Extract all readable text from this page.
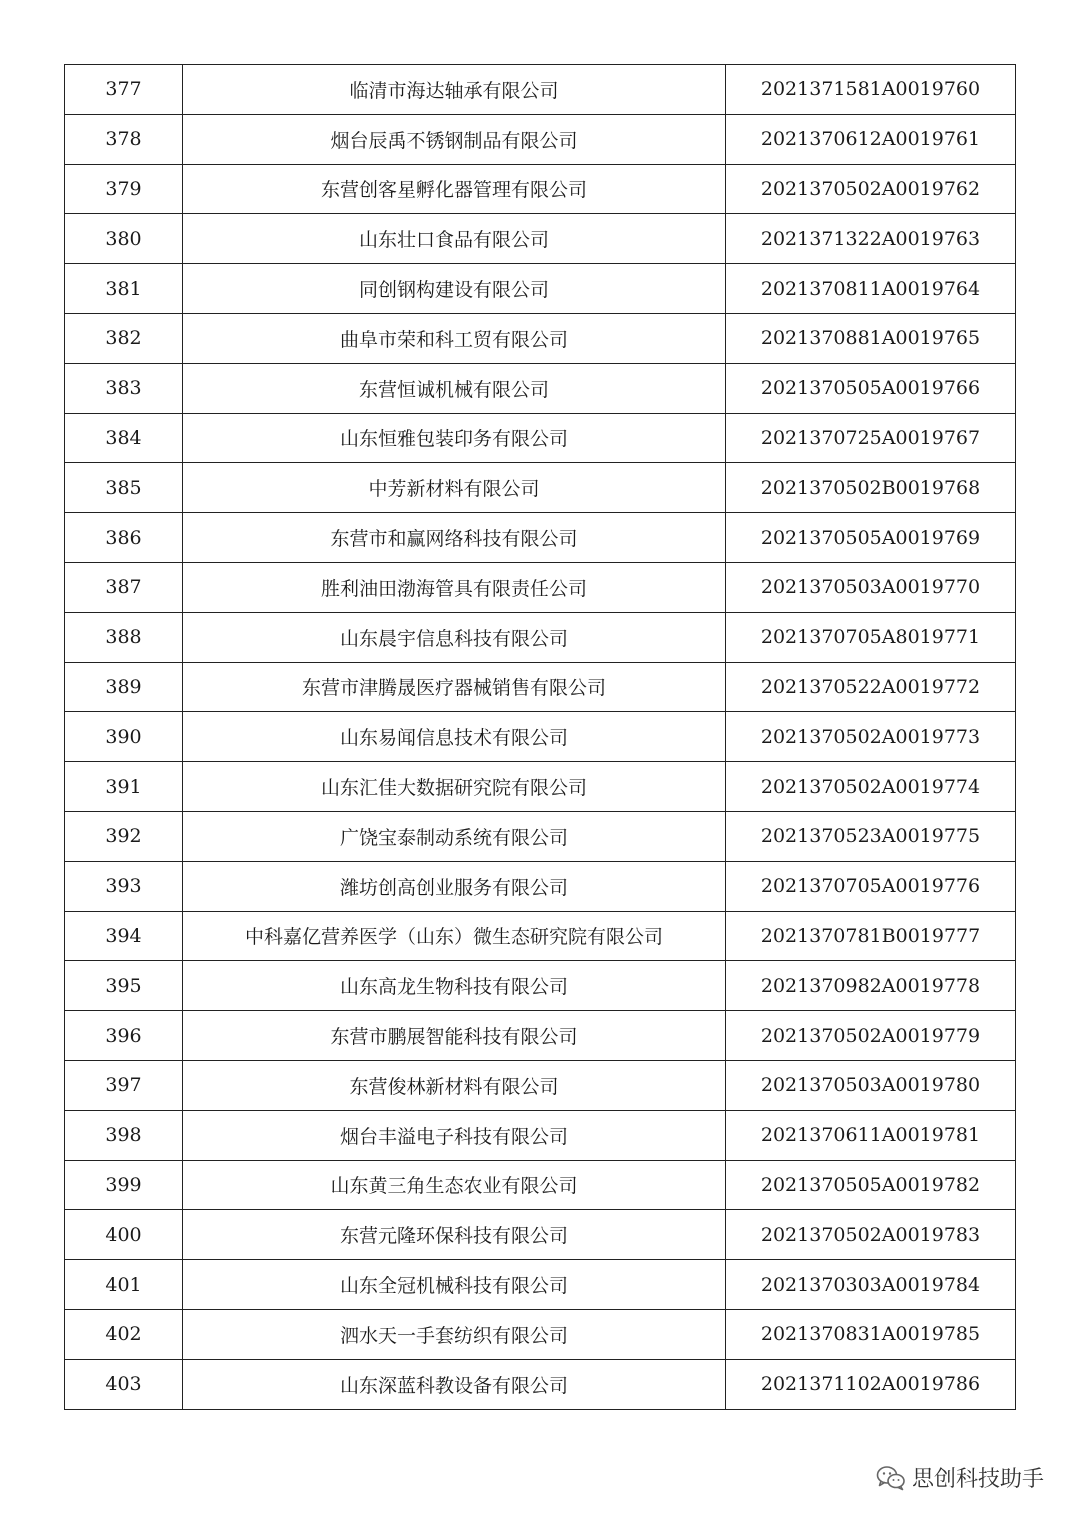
377	临清市海达轴承有限公司	2021371581A0019760
378	烟台辰禹不锈钢制品有限公司	2021370612A0019761
379	东营创客星孵化器管理有限公司	2021370502A0019762
380	山东壮口食品有限公司	2021371322A0019763
381	同创钢构建设有限公司	2021370811A0019764
382	曲阜市荣和科工贸有限公司	2021370881A0019765
383	东营恒诚机械有限公司	2021370505A0019766
384	山东恒雅包装印务有限公司	2021370725A0019767
385	中芳新材料有限公司	2021370502B0019768
386	东营市和赢网络科技有限公司	2021370505A0019769
387	胜利油田渤海管具有限责任公司	2021370503A0019770
388	山东晨宇信息科技有限公司	2021370705A8019771
389	东营市津腾晟医疗器械销售有限公司	2021370522A0019772
390	山东易闻信息技术有限公司	2021370502A0019773
391	山东汇佳大数据研究院有限公司	2021370502A0019774
392	广饶宝泰制动系统有限公司	2021370523A0019775
393	潍坊创高创业服务有限公司	2021370705A0019776
394	中科嘉亿营养医学（山东）微生态研究院有限公司	2021370781B0019777
395	山东高龙生物科技有限公司	2021370982A0019778
396	东营市鹏展智能科技有限公司	2021370502A0019779
397	东营俊林新材料有限公司	2021370503A0019780
398	烟台丰溢电子科技有限公司	2021370611A0019781
399	山东黄三角生态农业有限公司	2021370505A0019782
400	东营元隆环保科技有限公司	2021370502A0019783
401	山东全冠机械科技有限公司	2021370303A0019784
402	泗水天一手套纺织有限公司	2021370831A0019785
403	山东深蓝科教设备有限公司	2021371102A0019786
思创科技助手
